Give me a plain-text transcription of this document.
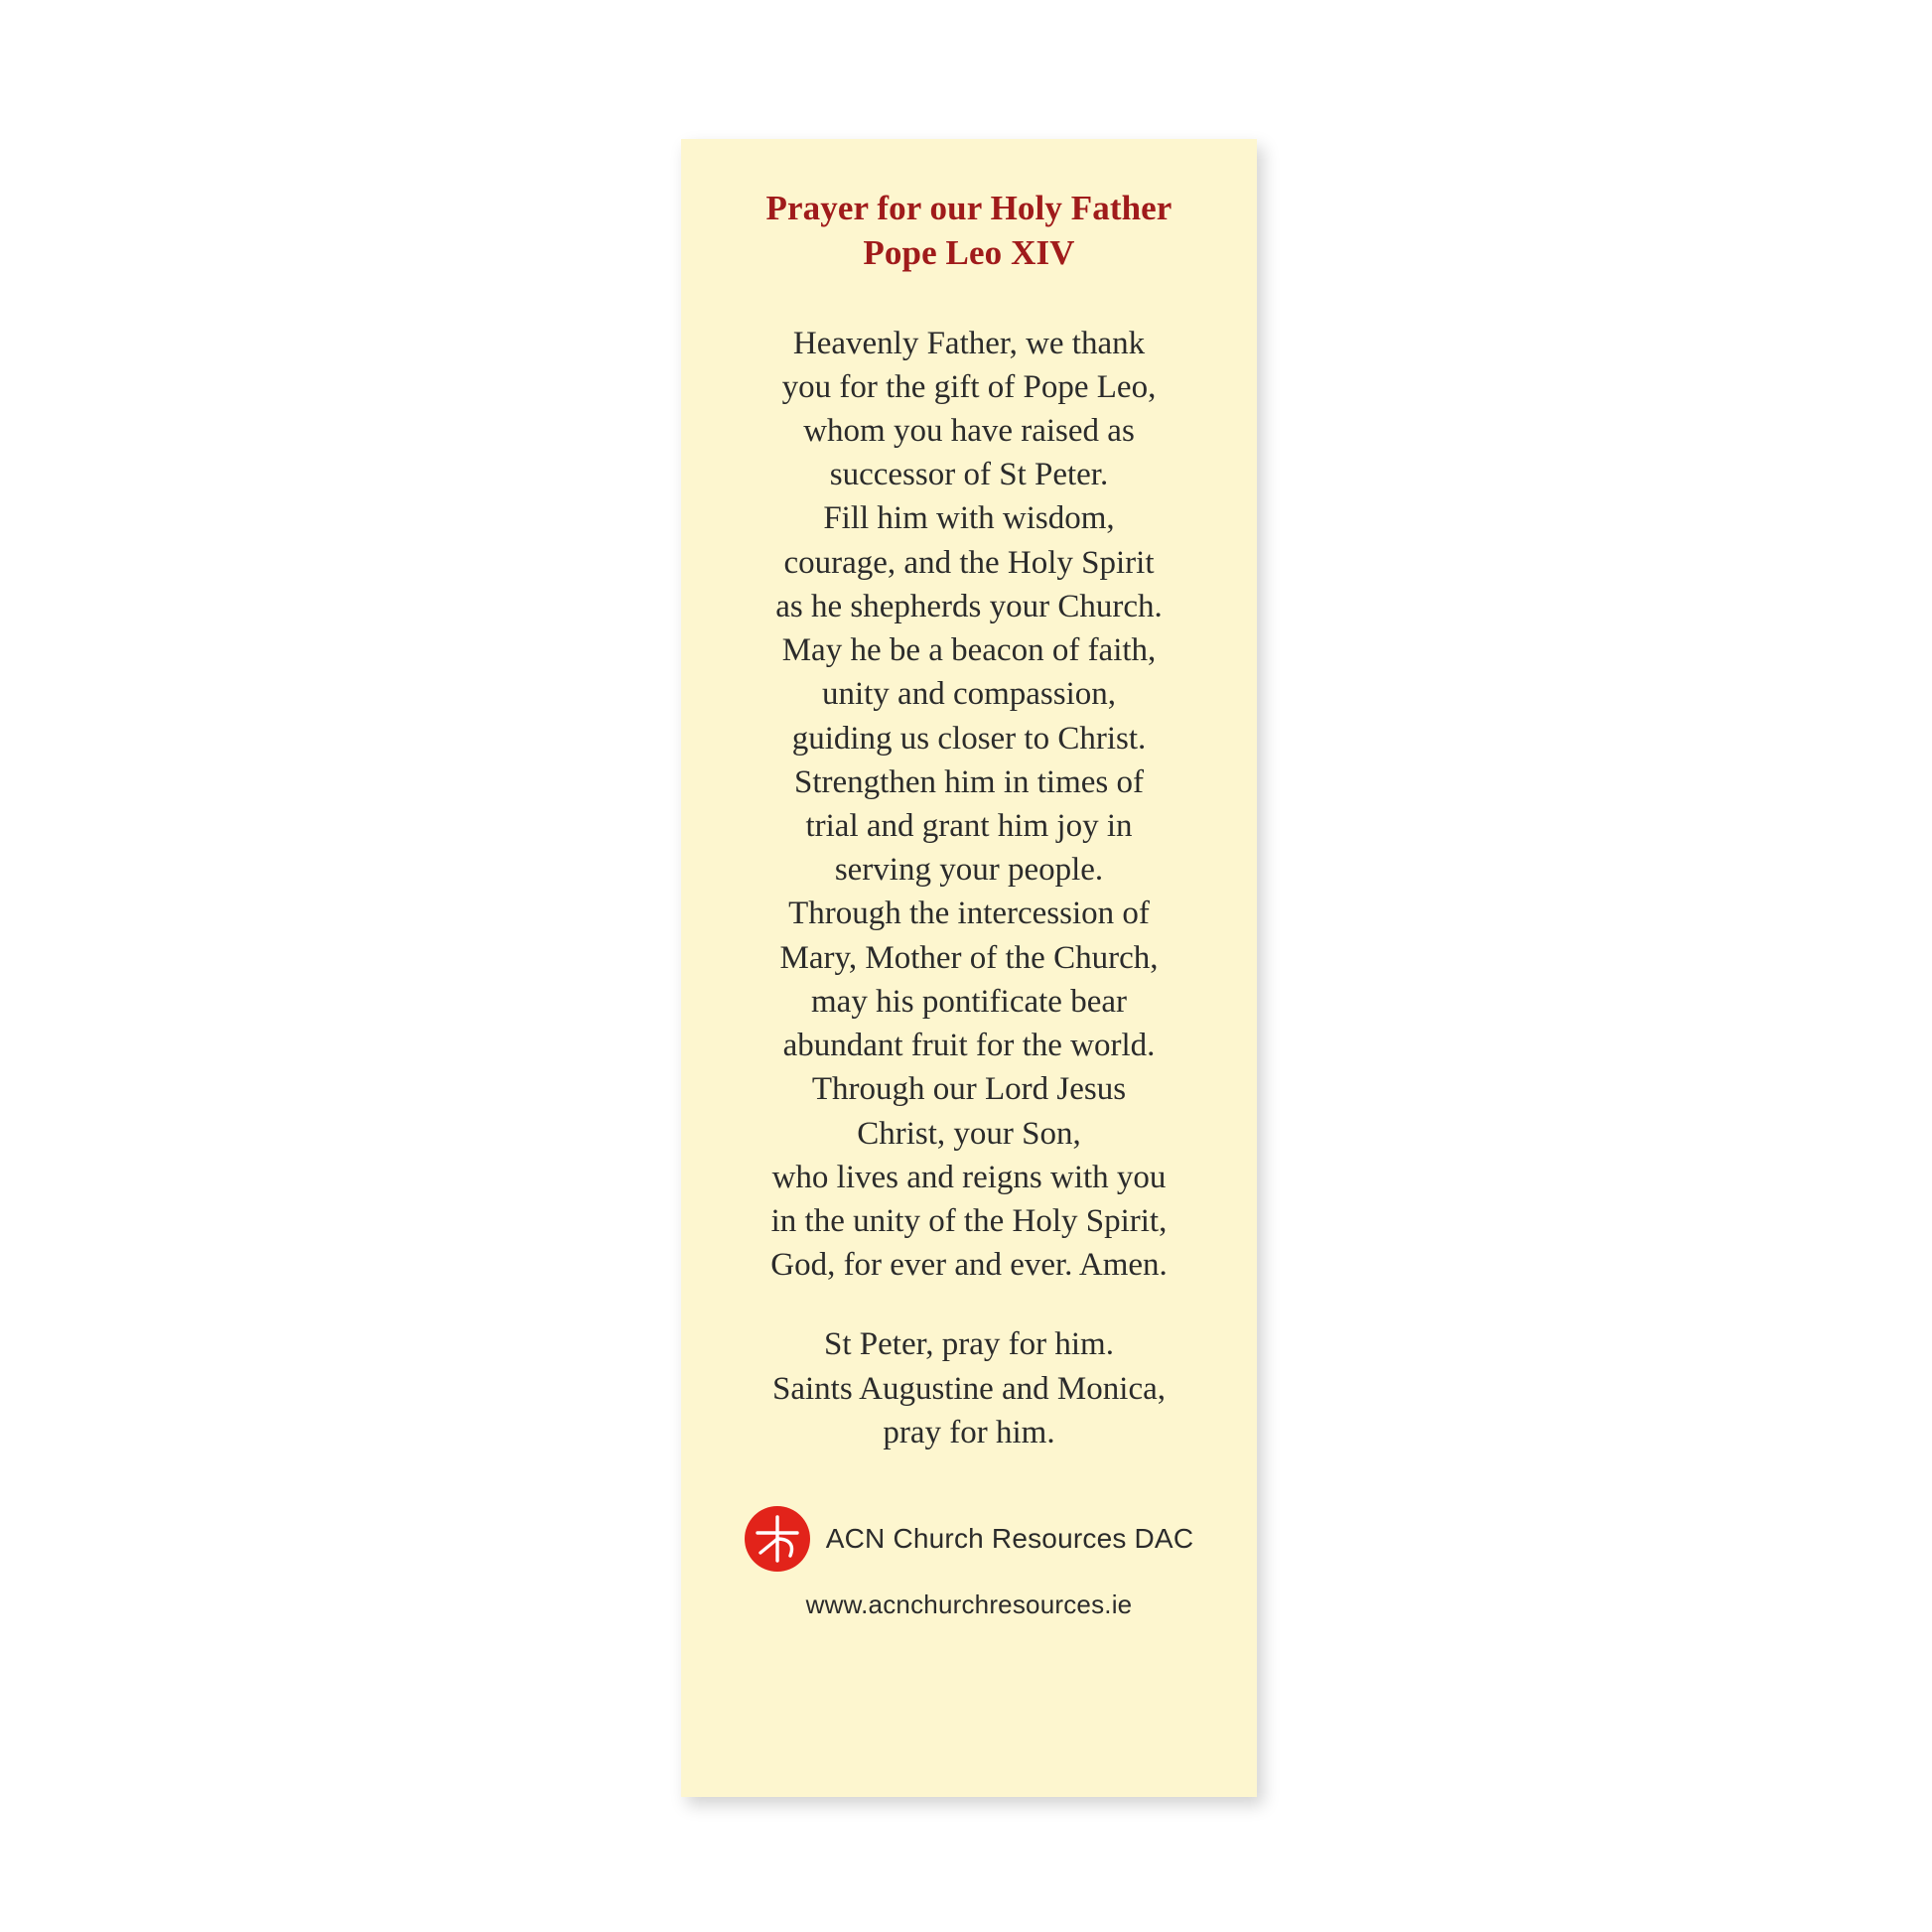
Prayer for our Holy Father
Pope Leo XIV
Heavenly Father, we thank
you for the gift of Pope Leo,
whom you have raised as
successor of St Peter.
Fill him with wisdom,
courage, and the Holy Spirit
as he shepherds your Church.
May he be a beacon of faith,
unity and compassion,
guiding us closer to Christ.
Strengthen him in times of
trial and grant him joy in
serving your people.
Through the intercession of
Mary, Mother of the Church,
may his pontificate bear
abundant fruit for the world.
Through our Lord Jesus
Christ, your Son,
who lives and reigns with you
in the unity of the Holy Spirit,
God, for ever and ever. Amen.
St Peter, pray for him.
Saints Augustine and Monica,
pray for him.
ACN Church Resources DAC
www.acnchurchresources.ie
